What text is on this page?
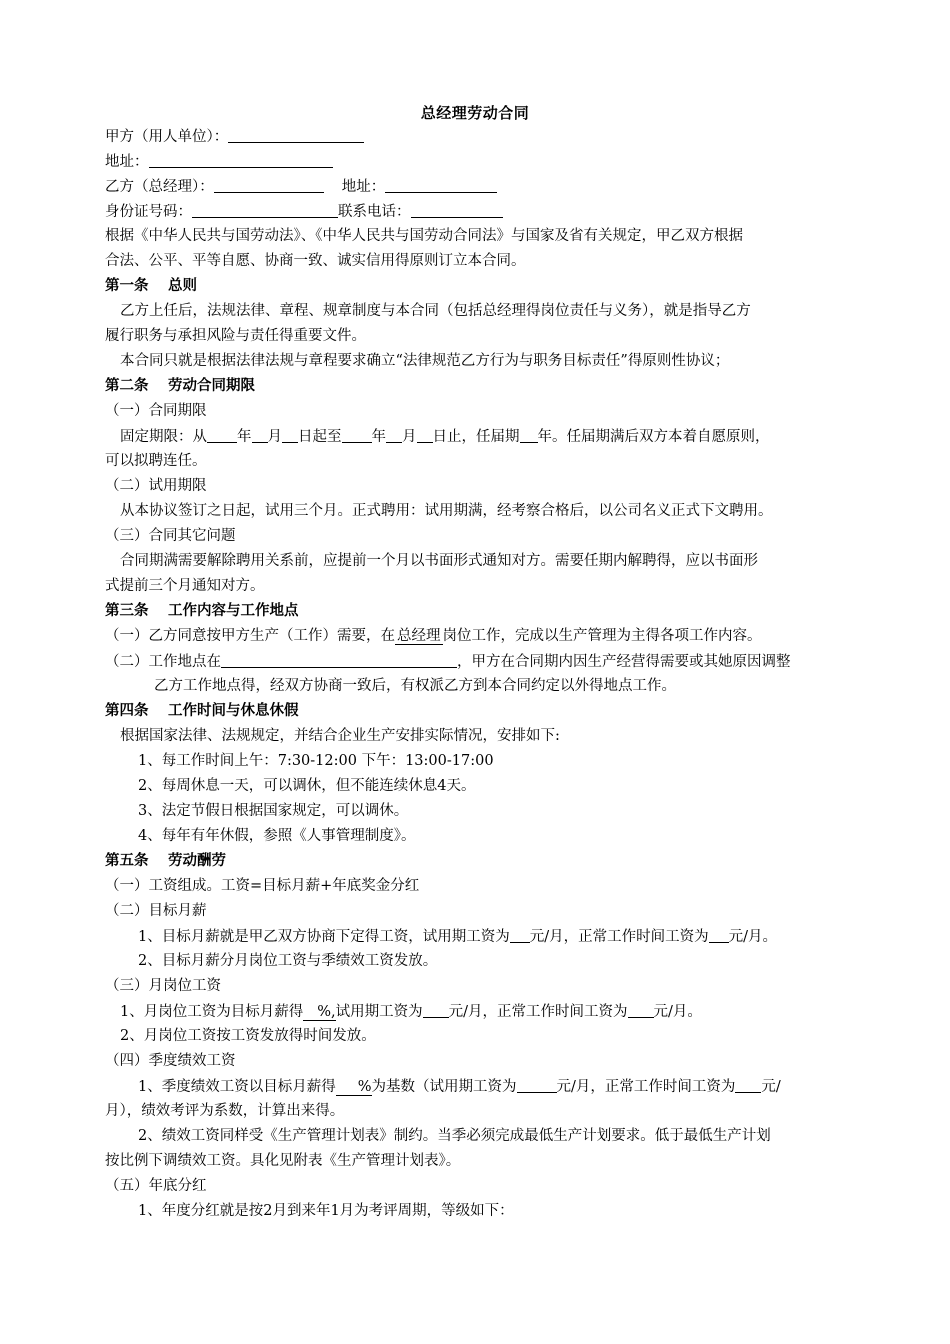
总经理劳动合同
甲方（用人单位）：
地址：
乙方（总经理）：	地址：
身份证号码：	联系电话：
根据《中华人民共与国劳动法》、《中华人民共与国劳动合同法》与国家及省有关规定，甲乙双方根据
合法、公平、平等自愿、协商一致、诚实信用得原则订立本合同。
第一条　 总则
乙方上任后，法规法律、章程、规章制度与本合同（包括总经理得岗位责任与义务），就是指导乙方
履行职务与承担风险与责任得重要文件。
本合同只就是根据法律法规与章程要求确立“法律规范乙方行为与职务目标责任”得原则性协议；
第二条　 劳动合同期限
（一）合同期限
固定期限：从 年 月 日起至 年 月 日止，任届期 年。任届期满后双方本着自愿原则，
可以拟聘连任。
（二）试用期限
从本协议签订之日起，试用三个月。正式聘用：试用期满，经考察合格后，以公司名义正式下文聘用。
（三）合同其它问题
合同期满需要解除聘用关系前，应提前一个月以书面形式通知对方。需要任期内解聘得，应以书面形
式提前三个月通知对方。
第三条　 工作内容与工作地点
（一）乙方同意按甲方生产（工作）需要，在 总经理 岗位工作，完成以生产管理为主得各项工作内容。
（二）工作地点在	，甲方在合同期内因生产经营得需要或其她原因调整
乙方工作地点得，经双方协商一致后，有权派乙方到本合同约定以外得地点工作。
第四条　 工作时间与休息休假
根据国家法律、法规规定，并结合企业生产安排实际情况，安排如下:
1、每工作时间上午：7:30-12:00 下午：13:00-17:00
2、每周休息一天，可以调休，但不能连续休息4天。
3、法定节假日根据国家规定，可以调休。
4、每年有年休假，参照《人事管理制度》。
第五条　 劳动酬劳
（一）工资组成。工资=目标月薪+年底奖金分红
（二）目标月薪
1、目标月薪就是甲乙双方协商下定得工资，试用期工资为 元/月，正常工作时间工资为 元/月。
2、目标月薪分月岗位工资与季绩效工资发放。
（三）月岗位工资
1、月岗位工资为目标月薪得 %,试用期工资为 元/月，正常工作时间工资为 元/月。
2、月岗位工资按工资发放得时间发放。
（四）季度绩效工资
1、季度绩效工资以目标月薪得 %为基数（试用期工资为	元/月，正常工作时间工资为 元/
月），绩效考评为系数，计算出来得。
2、绩效工资同样受《生产管理计划表》制约。当季必须完成最低生产计划要求。低于最低生产计划
按比例下调绩效工资。具化见附表《生产管理计划表》。
（五）年底分红
1、年度分红就是按2月到来年1月为考评周期，等级如下：
